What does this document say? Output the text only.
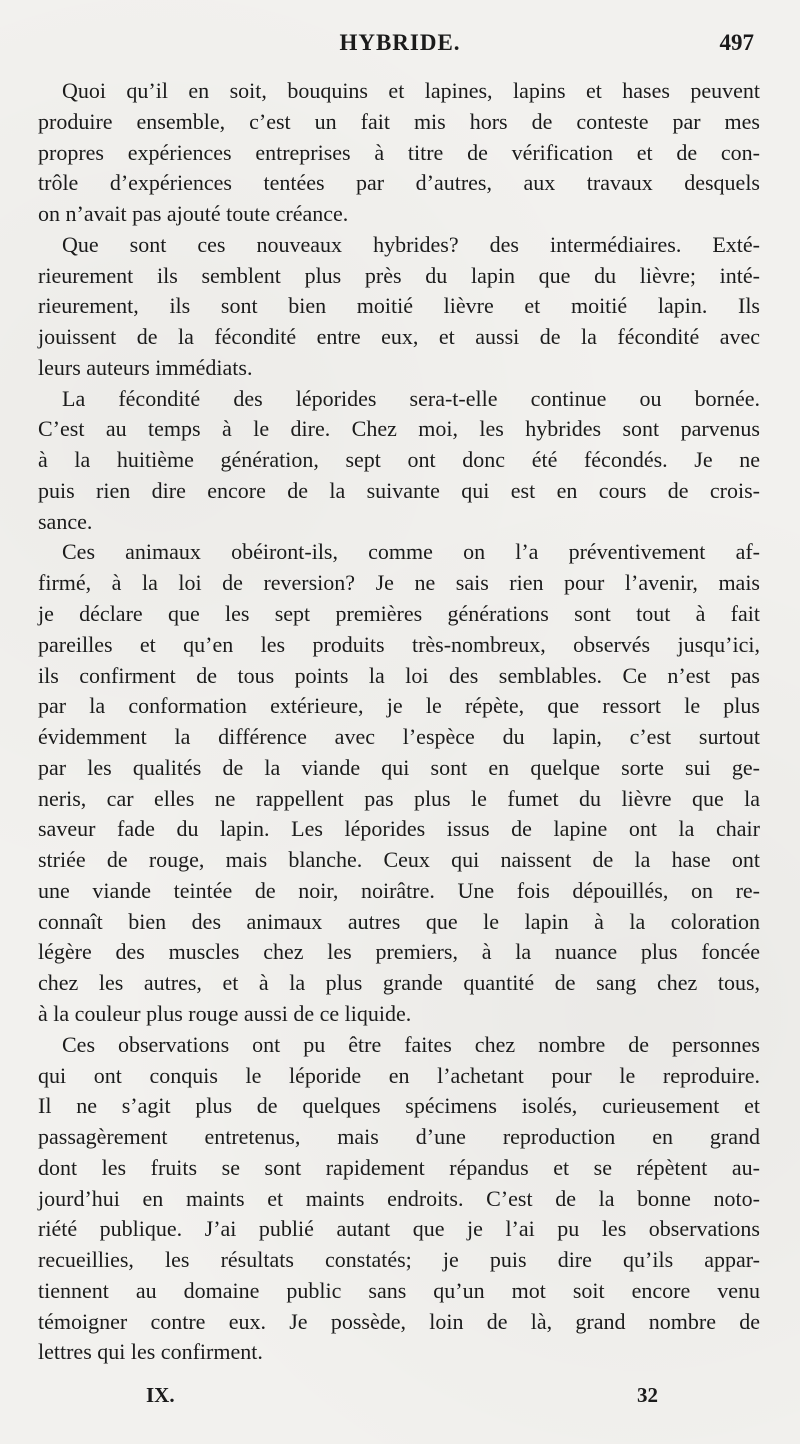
HYBRIDE.	497
Quoi qu’il en soit, bouquins et lapines, lapins et hases peuvent
produire ensemble, c’est un fait mis hors de conteste par mes
propres expériences entreprises à titre de vérification et de con-
trôle d’expériences tentées par d’autres, aux travaux desquels
on n’avait pas ajouté toute créance.
Que sont ces nouveaux hybrides? des intermédiaires. Exté-
rieurement ils semblent plus près du lapin que du lièvre; inté-
rieurement, ils sont bien moitié lièvre et moitié lapin. Ils
jouissent de la fécondité entre eux, et aussi de la fécondité avec
leurs auteurs immédiats.
La fécondité des léporides sera-t-elle continue ou bornée.
C’est au temps à le dire. Chez moi, les hybrides sont parvenus
à la huitième génération, sept ont donc été fécondés. Je ne
puis rien dire encore de la suivante qui est en cours de crois-
sance.
Ces animaux obéiront-ils, comme on l’a préventivement af-
firmé, à la loi de reversion? Je ne sais rien pour l’avenir, mais
je déclare que les sept premières générations sont tout à fait
pareilles et qu’en les produits très-nombreux, observés jusqu’ici,
ils confirment de tous points la loi des semblables. Ce n’est pas
par la conformation extérieure, je le répète, que ressort le plus
évidemment la différence avec l’espèce du lapin, c’est surtout
par les qualités de la viande qui sont en quelque sorte sui ge-
neris, car elles ne rappellent pas plus le fumet du lièvre que la
saveur fade du lapin. Les léporides issus de lapine ont la chair
striée de rouge, mais blanche. Ceux qui naissent de la hase ont
une viande teintée de noir, noirâtre. Une fois dépouillés, on re-
connaît bien des animaux autres que le lapin à la coloration
légère des muscles chez les premiers, à la nuance plus foncée
chez les autres, et à la plus grande quantité de sang chez tous,
à la couleur plus rouge aussi de ce liquide.
Ces observations ont pu être faites chez nombre de personnes
qui ont conquis le léporide en l’achetant pour le reproduire.
Il ne s’agit plus de quelques spécimens isolés, curieusement et
passagèrement entretenus, mais d’une reproduction en grand
dont les fruits se sont rapidement répandus et se répètent au-
jourd’hui en maints et maints endroits. C’est de la bonne noto-
riété publique. J’ai publié autant que je l’ai pu les observations
recueillies, les résultats constatés; je puis dire qu’ils appar-
tiennent au domaine public sans qu’un mot soit encore venu
témoigner contre eux. Je possède, loin de là, grand nombre de
lettres qui les confirment.
IX.	32
